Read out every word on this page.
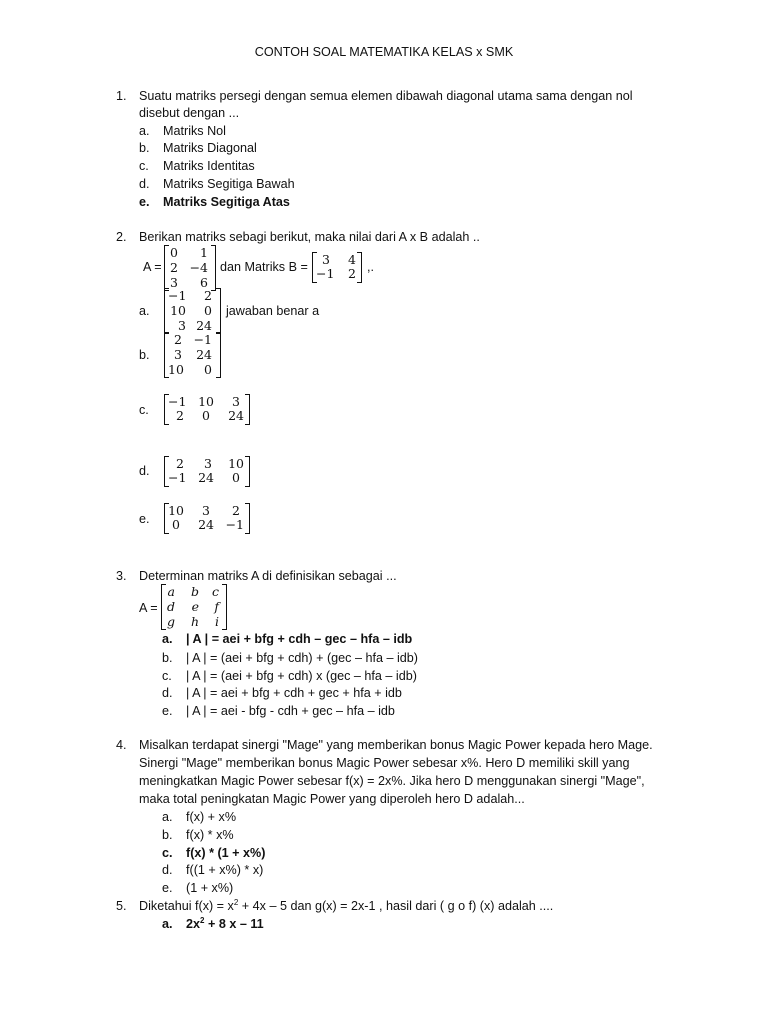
CONTOH SOAL MATEMATIKA KELAS x SMK
1. Suatu matriks persegi dengan semua elemen dibawah diagonal utama sama dengan nol
disebut dengan ...
a. Matriks Nol
b. Matriks Diagonal
c. Matriks Identitas
d. Matriks Segitiga Bawah
e. Matriks Segitiga Atas
2. Berikan matriks sebagi berikut, maka nilai dari A x B adalah ..
A =
0	1
2 −4
3	6
dan Matriks B =	3	4
−1	2 ,.
a.
−1	2
10	0
3 24
jawaban benar a
b.
2 −1
3	24
10	0
c.
−1 10	3
2	0	24
d.	2	3	10
−1 24	0
e.
10	3	2
0	24 −1
3. Determinan matriks A di definisikan sebagai ...
A =
a	b c
d	e	f
g	h	i
a. | A | = aei + bfg + cdh – gec – hfa – idb
b. | A | = (aei + bfg + cdh) + (gec – hfa – idb)
c. | A | = (aei + bfg + cdh) x (gec – hfa – idb)
d. | A | = aei + bfg + cdh + gec + hfa + idb
e. | A | = aei - bfg - cdh + gec – hfa – idb
4. Misalkan terdapat sinergi "Mage" yang memberikan bonus Magic Power kepada hero Mage.
Sinergi "Mage" memberikan bonus Magic Power sebesar x%. Hero D memiliki skill yang
meningkatkan Magic Power sebesar f(x) = 2x%. Jika hero D menggunakan sinergi "Mage",
maka total peningkatan Magic Power yang diperoleh hero D adalah...
a. f(x) + x%
b. f(x) * x%
c. f(x) * (1 + x%)
d. f((1 + x%) * x)
e. (1 + x%)
5. Diketahui $f(x) = x^2 + 4x - 5$ dan g(x) = 2x-1 , hasil dari ( g o f) (x) adalah ....
a. $2x^2 + 8$ x – 11
